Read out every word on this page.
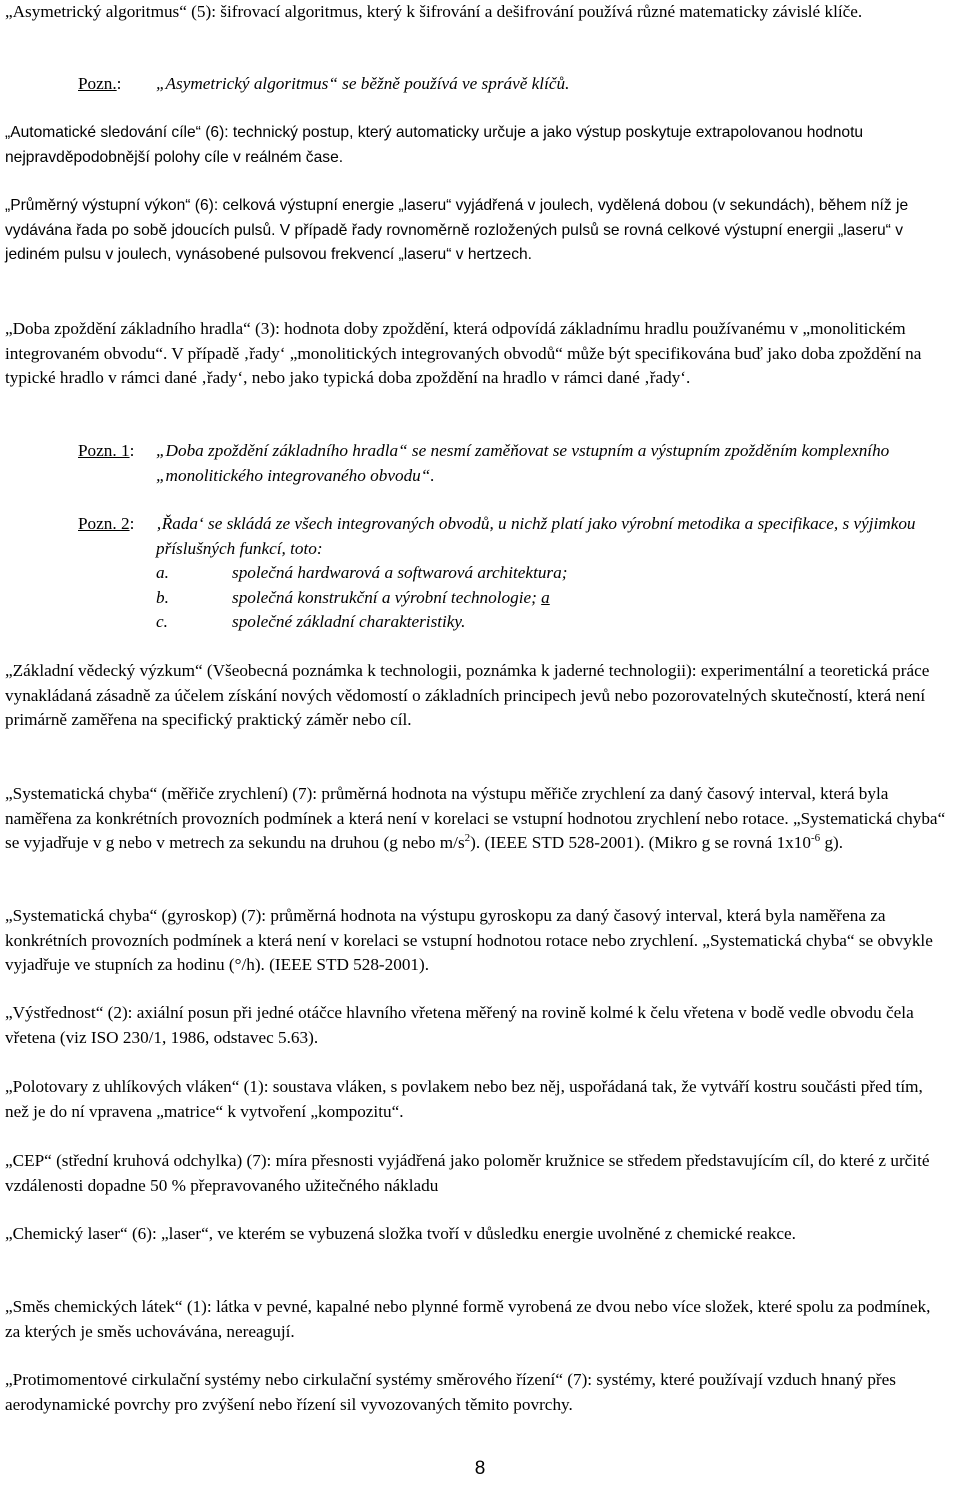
„Asymetrický algoritmus“ (5): šifrovací algoritmus, který k šifrování a dešifrování používá různé matematicky závislé klíče.

Pozn.: „Asymetrický algoritmus“ se běžně používá ve správě klíčů.

„Automatické sledování cíle“ (6): technický postup, který automaticky určuje a jako výstup poskytuje extrapolovanou hodnotu nejpravděpodobnější polohy cíle v reálném čase.

„Průměrný výstupní výkon“ (6): celková výstupní energie „laseru“ vyjádřená v joulech, vydělená dobou (v sekundách), během níž je vydávána řada po sobě jdoucích pulsů. V případě řady rovnoměrně rozložených pulsů se rovná celkové výstupní energii „laseru“ v jediném pulsu v joulech, vynásobené pulsovou frekvencí „laseru“ v hertzech.

„Doba zpoždění základního hradla“ (3): hodnota doby zpoždění, která odpovídá základnímu hradlu používanému v „monolitickém integrovaném obvodu“. V případě ‚řady‘ „monolitických integrovaných obvodů“ může být specifikována buď jako doba zpoždění na typické hradlo v rámci dané ‚řady‘, nebo jako typická doba zpoždění na hradlo v rámci dané ‚řady‘.

Pozn. 1: „Doba zpoždění základního hradla“ se nesmí zaměňovat se vstupním a výstupním zpožděním komplexního „monolitického integrovaného obvodu“.
Pozn. 2: ‚Řada‘ se skládá ze všech integrovaných obvodů, u nichž platí jako výrobní metodika a specifikace, s výjimkou příslušných funkcí, toto:
a.	společná hardwarová a softwarová architektura;
b.	společná konstrukční a výrobní technologie; a
c.	společné základní charakteristiky.

„Základní vědecký výzkum“ (Všeobecná poznámka k technologii, poznámka k jaderné technologii): experimentální a teoretická práce vynakládaná zásadně za účelem získání nových vědomostí o základních principech jevů nebo pozorovatelných skutečností, která není primárně zaměřena na specifický praktický záměr nebo cíl.

„Systematická chyba“ (měřiče zrychlení) (7): průměrná hodnota na výstupu měřiče zrychlení za daný časový interval, která byla naměřena za konkrétních provozních podmínek a která není v korelaci se vstupní hodnotou zrychlení nebo rotace. „Systematická chyba“ se vyjadřuje v g nebo v metrech za sekundu na druhou (g nebo $m/s^2$). (IEEE STD 528-2001). (Mikro g se rovná $1x10^{-6}$ g).

„Systematická chyba“ (gyroskop) (7): průměrná hodnota na výstupu gyroskopu za daný časový interval, která byla naměřena za konkrétních provozních podmínek a která není v korelaci se vstupní hodnotou rotace nebo zrychlení. „Systematická chyba“ se obvykle vyjadřuje ve stupních za hodinu (°/h). (IEEE STD 528-2001).

„Výstřednost“ (2): axiální posun při jedné otáčce hlavního vřetena měřený na rovině kolmé k čelu vřetena v bodě vedle obvodu čela vřetena (viz ISO 230/1, 1986, odstavec 5.63).

„Polotovary z uhlíkových vláken“ (1): soustava vláken, s povlakem nebo bez něj, uspořádaná tak, že vytváří kostru součásti před tím, než je do ní vpravena „matrice“ k vytvoření „kompozitu“.

„CEP“ (střední kruhová odchylka) (7): míra přesnosti vyjádřená jako poloměr kružnice se středem představujícím cíl, do které z určité vzdálenosti dopadne 50 % přepravovaného užitečného nákladu

„Chemický laser“ (6): „laser“, ve kterém se vybuzená složka tvoří v důsledku energie uvolněné z chemické reakce.

„Směs chemických látek“ (1): látka v pevné, kapalné nebo plynné formě vyrobená ze dvou nebo více složek, které spolu za podmínek, za kterých je směs uchovávána, nereagují.

„Protimomentové cirkulační systémy nebo cirkulační systémy směrového řízení“ (7): systémy, které používají vzduch hnaný přes aerodynamické povrchy pro zvýšení nebo řízení sil vyvozovaných těmito povrchy.

8
